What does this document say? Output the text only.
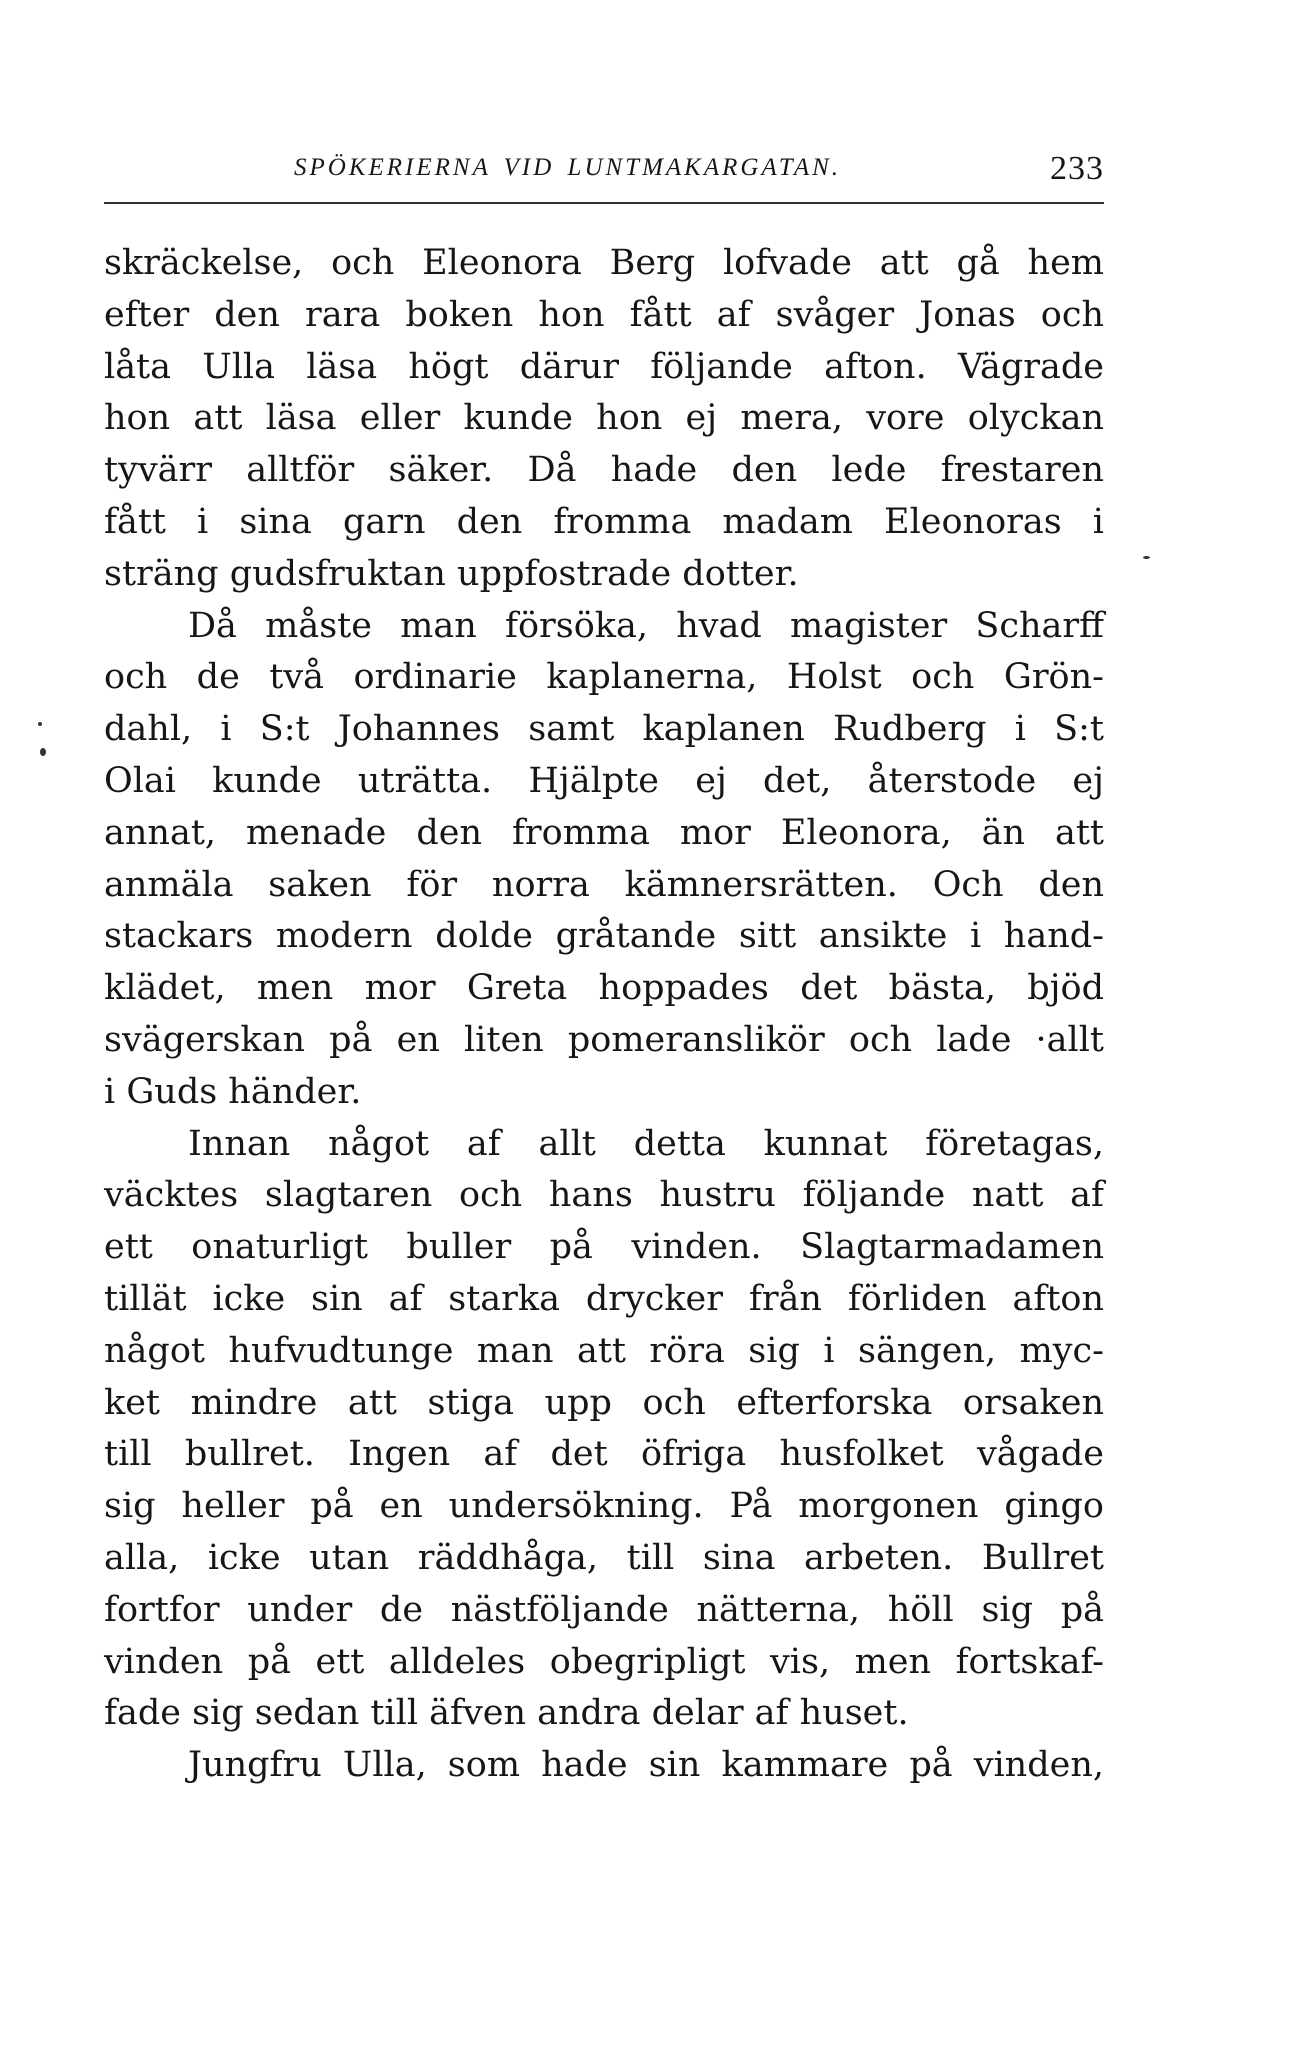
SPÖKERIERNA VID LUNTMAKARGATAN.	233
skräckelse, och Eleonora Berg lofvade att gå hem
efter den rara boken hon fått af svåger Jonas och
låta Ulla läsa högt därur följande afton. Vägrade
hon att läsa eller kunde hon ej mera, vore olyckan
tyvärr alltför säker. Då hade den lede frestaren
fått i sina garn den fromma madam Eleonoras i
sträng gudsfruktan uppfostrade dotter.
Då måste man försöka, hvad magister Scharff
och de två ordinarie kaplanerna, Holst och Grön-
dahl, i S:t Johannes samt kaplanen Rudberg i S:t
Olai kunde uträtta. Hjälpte ej det, återstode ej
annat, menade den fromma mor Eleonora, än att
anmäla saken för norra kämnersrätten. Och den
stackars modern dolde gråtande sitt ansikte i hand-
klädet, men mor Greta hoppades det bästa, bjöd
svägerskan på en liten pomeranslikör och lade ·allt
i Guds händer.
Innan något af allt detta kunnat företagas,
väcktes slagtaren och hans hustru följande natt af
ett onaturligt buller på vinden. Slagtarmadamen
tillät icke sin af starka drycker från förliden afton
något hufvudtunge man att röra sig i sängen, myc-
ket mindre att stiga upp och efterforska orsaken
till bullret. Ingen af det öfriga husfolket vågade
sig heller på en undersökning. På morgonen gingo
alla, icke utan räddhåga, till sina arbeten. Bullret
fortfor under de nästföljande nätterna, höll sig på
vinden på ett alldeles obegripligt vis, men fortskaf-
fade sig sedan till äfven andra delar af huset.
Jungfru Ulla, som hade sin kammare på vinden,
